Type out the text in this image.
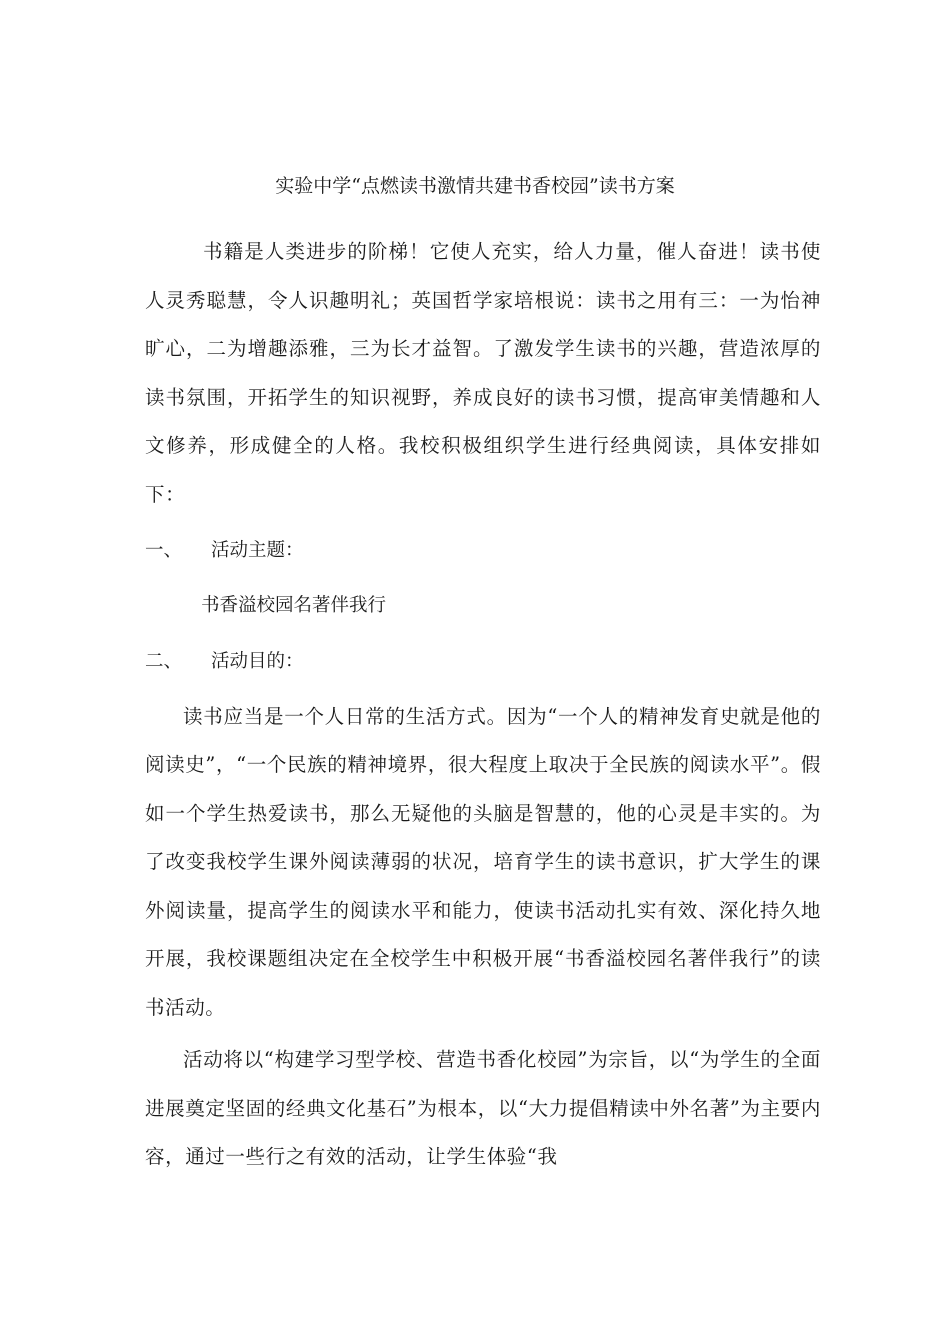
实验中学“点燃读书激情共建书香校园”读书方案

书籍是人类进步的阶梯！它使人充实，给人力量，催人奋进！读书使人灵秀聪慧，令人识趣明礼；英国哲学家培根说：读书之用有三：一为怡神旷心，二为增趣添雅，三为长才益智。了激发学生读书的兴趣，营造浓厚的读书氛围，开拓学生的知识视野，养成良好的读书习惯，提高审美情趣和人文修养，形成健全的人格。我校积极组织学生进行经典阅读，具体安排如下：

一、 活动主题：
书香溢校园名著伴我行
二、 活动目的：

读书应当是一个人日常的生活方式。因为“一个人的精神发育史就是他的阅读史”，“一个民族的精神境界，很大程度上取决于全民族的阅读水平”。假如一个学生热爱读书，那么无疑他的头脑是智慧的，他的心灵是丰实的。为了改变我校学生课外阅读薄弱的状况，培育学生的读书意识，扩大学生的课外阅读量，提高学生的阅读水平和能力，使读书活动扎实有效、深化持久地开展，我校课题组决定在全校学生中积极开展“书香溢校园名著伴我行”的读书活动。

活动将以“构建学习型学校、营造书香化校园”为宗旨，以“为学生的全面进展奠定坚固的经典文化基石”为根本，以“大力提倡精读中外名著”为主要内容，通过一些行之有效的活动，让学生体验“我
